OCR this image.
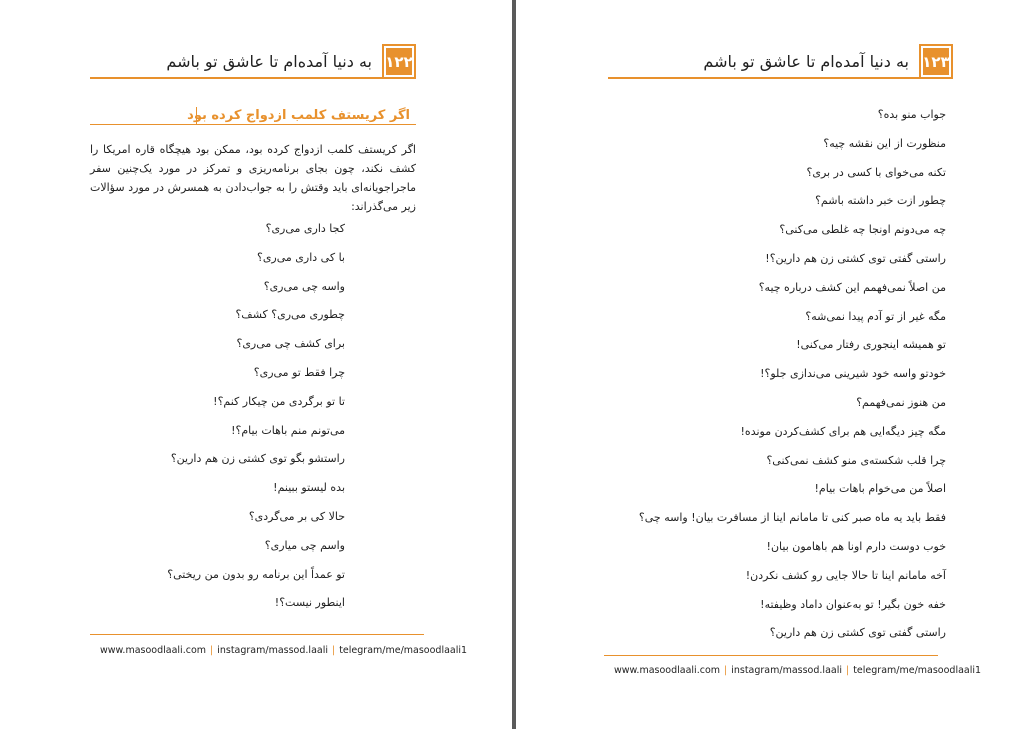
۱۲۲
به دنیا آمده‌ام تا عاشق تو باشم
اگر کریستف کلمب ازدواج کرده بود
اگر کریستف کلمب ازدواج کرده بود، ممکن بود هیچگاه قاره امریکا را کشف نکند، چون بجای برنامه‌ریزی و تمرکز در مورد یک‌چنین سفر ماجراجویانه‌ای باید وقتش را به جواب‌دادن به همسرش در مورد سؤالات زیر می‌گذراند:
کجا داری می‌ری؟
با کی داری می‌ری؟
واسه چی می‌ری؟
چطوری می‌ری؟ کشف؟
برای کشف چی می‌ری؟
چرا فقط تو می‌ری؟
تا تو برگردی من چیکار کنم؟!
می‌تونم منم باهات بیام؟!
راستشو بگو توی کشتی زن هم دارین؟
بده لیستو ببینم!
حالا کی بر می‌گردی؟
واسم چی میاری؟
تو عمداً این برنامه رو بدون من ریختی؟
اینطور نیست؟!
www.masoodlaali.com | instagram/massod.laali | telegram/me/masoodlaali1
۱۲۳
به دنیا آمده‌ام تا عاشق تو باشم
جواب منو بده؟
منظورت از این نقشه چیه؟
تکنه می‌خوای با کسی در بری؟
چطور ازت خبر داشته باشم؟
چه می‌دونم اونجا چه غلطی می‌کنی؟
راستی گفتی توی کشتی زن هم دارین؟!
من اصلاً نمی‌فهمم این کشف درباره چیه؟
مگه غیر از تو آدم پیدا نمی‌شه؟
تو همیشه اینجوری رفتار می‌کنی!
خودتو واسه خود شیرینی می‌ندازی جلو؟!
من هنوز نمی‌فهمم؟
مگه چیز دیگه‌ایی هم برای کشف‌کردن مونده!
چرا قلب شکسته‌ی منو کشف نمی‌کنی؟
اصلاً من می‌خوام باهات بیام!
فقط باید یه ماه صبر کنی تا مامانم اینا از مسافرت بیان! واسه چی؟
خوب دوست دارم اونا هم باهامون بیان!
آخه مامانم اینا تا حالا جایی رو کشف نکردن!
خفه خون بگیر! تو به‌عنوان داماد وظیفته!
راستی گفتی توی کشتی زن هم دارین؟
www.masoodlaali.com | instagram/massod.laali | telegram/me/masoodlaali1
